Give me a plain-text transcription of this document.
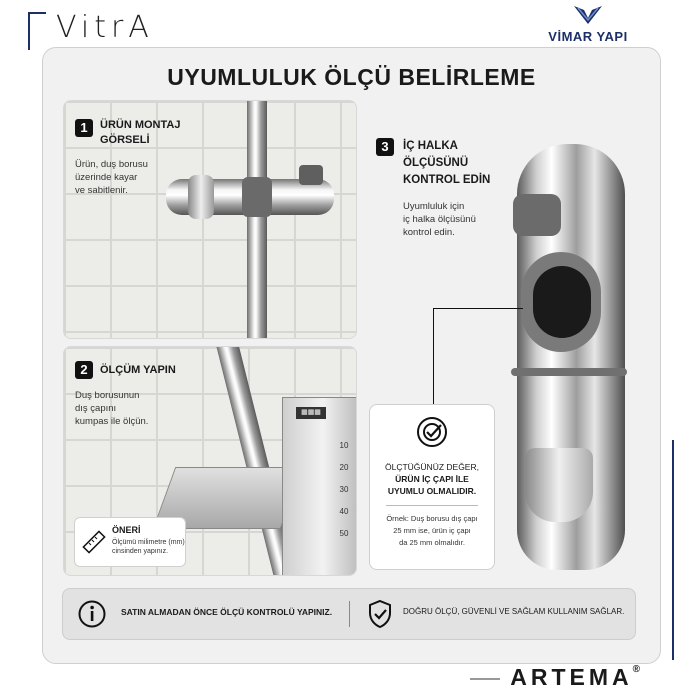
VitrA	VİMAR YAPI
UYUMLULUK ÖLÇÜ BELİRLEME
1	ÜRÜN MONTAJ
GÖRSELİ
Ürün, duş borusu
üzerinde kayar
ve sabitlenir.
2	ÖLÇÜM YAPIN
Duş borusunun
dış çapını
kumpas ile ölçün.
▦▦▦
10
20
30
40
50
ÖNERİ
Ölçümü milimetre (mm)
cinsinden yapınız.
3	İÇ HALKA
ÖLÇÜSÜNÜ
KONTROL EDİN
Uyumluluk için
iç halka ölçüsünü
kontrol edin.
ÖLÇTÜĞÜNÜZ DEĞER,
ÜRÜN İÇ ÇAPI İLE
UYUMLU OLMALIDIR.
Örnek: Duş borusu dış çapı
25 mm ise, ürün iç çapı
da 25 mm olmalıdır.
SATIN ALMADAN ÖNCE ÖLÇÜ KONTROLÜ YAPINIZ.	DOĞRU ÖLÇÜ, GÜVENLİ VE SAĞLAM KULLANIM SAĞLAR.
ARTEMA®
